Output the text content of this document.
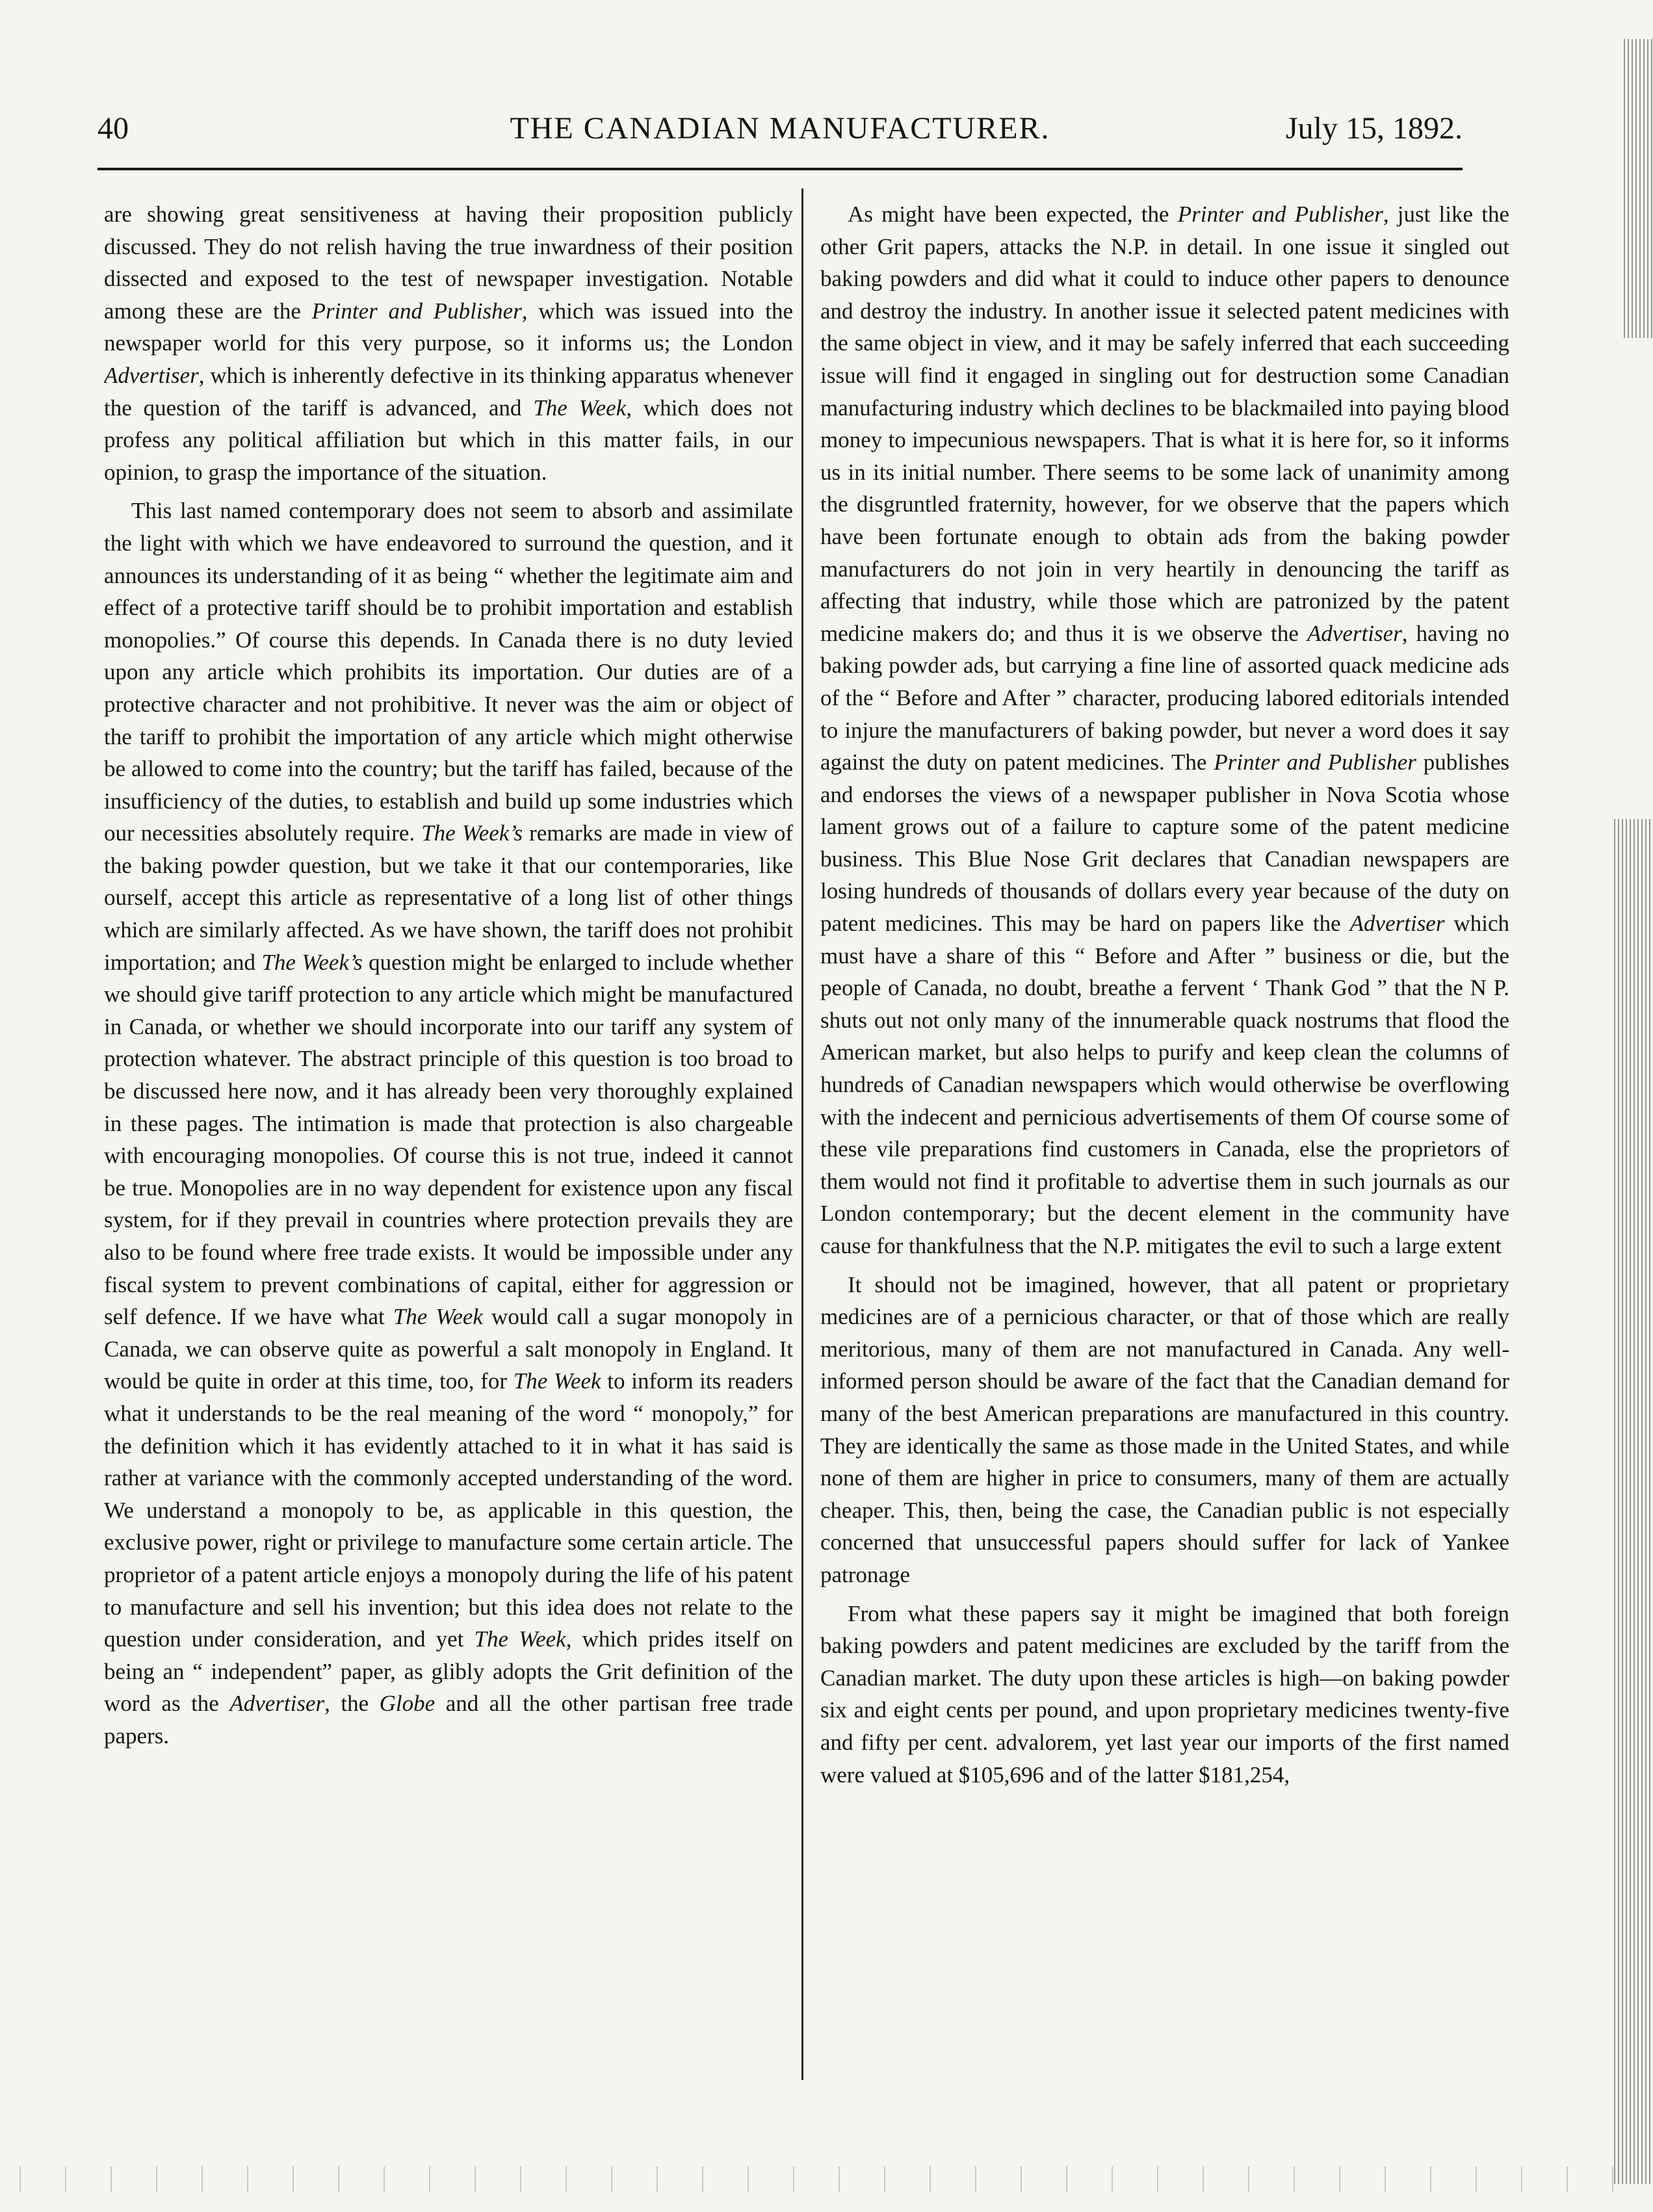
40	THE CANADIAN MANUFACTURER.	July 15, 1892.

are showing great sensitiveness at having their proposition publicly discussed. They do not relish having the true inwardness of their position dissected and exposed to the test of newspaper investigation. Notable among these are the Printer and Publisher, which was issued into the newspaper world for this very purpose, so it informs us; the London Advertiser, which is inherently defective in its thinking apparatus whenever the question of the tariff is advanced, and The Week, which does not profess any political affiliation but which in this matter fails, in our opinion, to grasp the importance of the situation.

This last named contemporary does not seem to absorb and assimilate the light with which we have endeavored to surround the question, and it announces its understanding of it as being “ whether the legitimate aim and effect of a protective tariff should be to prohibit importation and establish monopolies.” Of course this depends. In Canada there is no duty levied upon any article which prohibits its importation. Our duties are of a protective character and not prohibitive. It never was the aim or object of the tariff to prohibit the importation of any article which might otherwise be allowed to come into the country; but the tariff has failed, because of the insufficiency of the duties, to establish and build up some industries which our necessities absolutely require. The Week’s remarks are made in view of the baking powder question, but we take it that our contemporaries, like ourself, accept this article as representative of a long list of other things which are similarly affected. As we have shown, the tariff does not prohibit importation; and The Week’s question might be enlarged to include whether we should give tariff protection to any article which might be manufactured in Canada, or whether we should incorporate into our tariff any system of protection whatever. The abstract principle of this question is too broad to be discussed here now, and it has already been very thoroughly explained in these pages. The intimation is made that protection is also chargeable with encouraging monopolies. Of course this is not true, indeed it cannot be true. Monopolies are in no way dependent for existence upon any fiscal system, for if they prevail in countries where protection prevails they are also to be found where free trade exists. It would be impossible under any fiscal system to prevent combinations of capital, either for aggression or self defence. If we have what The Week would call a sugar monopoly in Canada, we can observe quite as powerful a salt monopoly in England. It would be quite in order at this time, too, for The Week to inform its readers what it understands to be the real meaning of the word “ monopoly,” for the definition which it has evidently attached to it in what it has said is rather at variance with the commonly accepted understanding of the word. We understand a monopoly to be, as applicable in this question, the exclusive power, right or privilege to manufacture some certain article. The proprietor of a patent article enjoys a monopoly during the life of his patent to manufacture and sell his invention; but this idea does not relate to the question under consideration, and yet The Week, which prides itself on being an “ independent” paper, as glibly adopts the Grit definition of the word as the Advertiser, the Globe and all the other partisan free trade papers.

As might have been expected, the Printer and Publisher, just like the other Grit papers, attacks the N.P. in detail. In one issue it singled out baking powders and did what it could to induce other papers to denounce and destroy the industry. In another issue it selected patent medicines with the same object in view, and it may be safely inferred that each succeeding issue will find it engaged in singling out for destruction some Canadian manufacturing industry which declines to be blackmailed into paying blood money to impecunious newspapers. That is what it is here for, so it informs us in its initial number. There seems to be some lack of unanimity among the disgruntled fraternity, however, for we observe that the papers which have been fortunate enough to obtain ads from the baking powder manufacturers do not join in very heartily in denouncing the tariff as affecting that industry, while those which are patronized by the patent medicine makers do; and thus it is we observe the Advertiser, having no baking powder ads, but carrying a fine line of assorted quack medicine ads of the “ Before and After ” character, producing labored editorials intended to injure the manufacturers of baking powder, but never a word does it say against the duty on patent medicines. The Printer and Publisher publishes and endorses the views of a newspaper publisher in Nova Scotia whose lament grows out of a failure to capture some of the patent medicine business. This Blue Nose Grit declares that Canadian newspapers are losing hundreds of thousands of dollars every year because of the duty on patent medicines. This may be hard on papers like the Advertiser which must have a share of this “ Before and After ” business or die, but the people of Canada, no doubt, breathe a fervent ‘ Thank God ” that the N P. shuts out not only many of the innumerable quack nostrums that flood the American market, but also helps to purify and keep clean the columns of hundreds of Canadian newspapers which would otherwise be overflowing with the indecent and pernicious advertisements of them Of course some of these vile preparations find customers in Canada, else the proprietors of them would not find it profitable to advertise them in such journals as our London contemporary; but the decent element in the community have cause for thankfulness that the N.P. mitigates the evil to such a large extent

It should not be imagined, however, that all patent or proprietary medicines are of a pernicious character, or that of those which are really meritorious, many of them are not manufactured in Canada. Any well-informed person should be aware of the fact that the Canadian demand for many of the best American preparations are manufactured in this country. They are identically the same as those made in the United States, and while none of them are higher in price to consumers, many of them are actually cheaper. This, then, being the case, the Canadian public is not especially concerned that unsuccessful papers should suffer for lack of Yankee patronage

From what these papers say it might be imagined that both foreign baking powders and patent medicines are excluded by the tariff from the Canadian market. The duty upon these articles is high—on baking powder six and eight cents per pound, and upon proprietary medicines twenty-five and fifty per cent. advalorem, yet last year our imports of the first named were valued at $105,696 and of the latter $181,254,
